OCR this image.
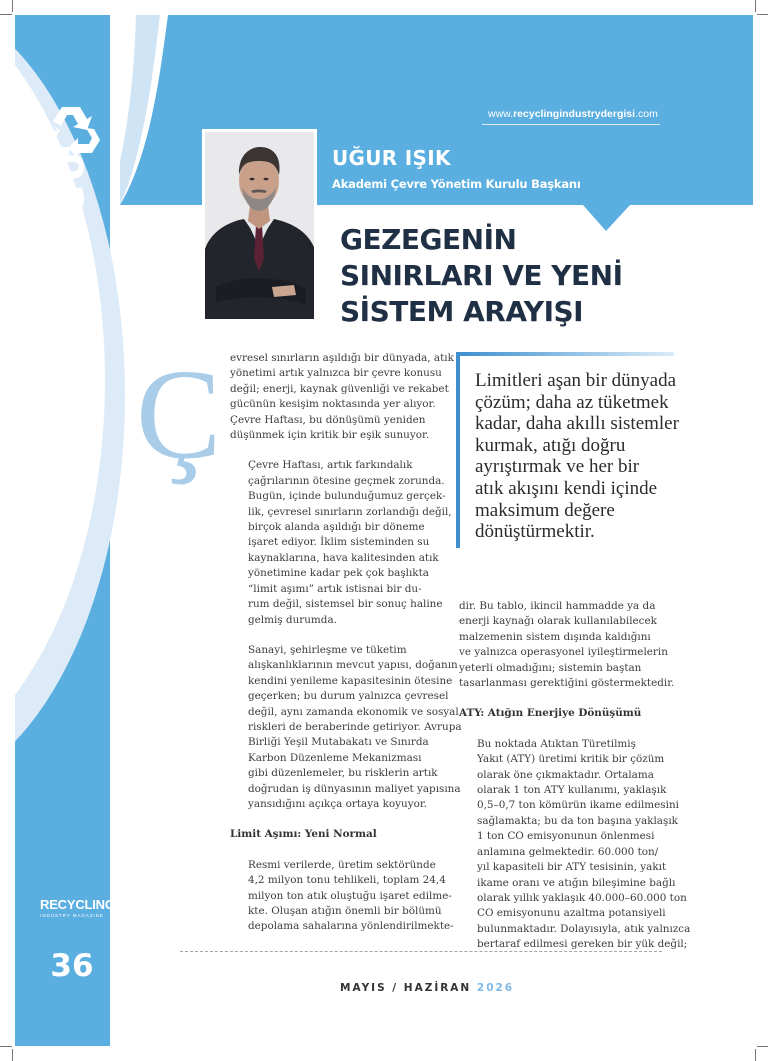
AYIN KONUĞU
RECYCLING
INDUSTRY MAGAZINE
36
www.recyclingindustrydergisi.com
UĞUR IŞIK
Akademi Çevre Yönetim Kurulu Başkanı
GEZEGENİN
SINIRLARI VE YENİ
SİSTEM ARAYIŞI
Ç evresel sınırların aşıldığı bir dünyada, atık
yönetimi artık yalnızca bir çevre konusu
değil; enerji, kaynak güvenliği ve rekabet
gücünün kesişim noktasında yer alıyor.
Çevre Haftası, bu dönüşümü yeniden
düşünmek için kritik bir eşik sunuyor.

Çevre Haftası, artık farkındalık
çağrılarının ötesine geçmek zorunda.
Bugün, içinde bulunduğumuz gerçek-
lik, çevresel sınırların zorlandığı değil,
birçok alanda aşıldığı bir döneme
işaret ediyor. İklim sisteminden su
kaynaklarına, hava kalitesinden atık
yönetimine kadar pek çok başlıkta
“limit aşımı” artık istisnai bir du-
rum değil, sistemsel bir sonuç haline
gelmiş durumda.

Sanayi, şehirleşme ve tüketim
alışkanlıklarının mevcut yapısı, doğanın
kendini yenileme kapasitesinin ötesine
geçerken; bu durum yalnızca çevresel
değil, aynı zamanda ekonomik ve sosyal
riskleri de beraberinde getiriyor. Avrupa
Birliği Yeşil Mutabakatı ve Sınırda
Karbon Düzenleme Mekanizması
gibi düzenlemeler, bu risklerin artık
doğrudan iş dünyasının maliyet yapısına
yansıdığını açıkça ortaya koyuyor.

Limit Aşımı: Yeni Normal

Resmi verilerde, üretim sektöründe
4,2 milyon tonu tehlikeli, toplam 24,4
milyon ton atık oluştuğu işaret edilme-
kte. Oluşan atığın önemli bir bölümü
depolama sahalarına yönlendirilmekte-

Limitleri aşan bir dünyada
çözüm; daha az tüketmek
kadar, daha akıllı sistemler
kurmak, atığı doğru
ayrıştırmak ve her bir
atık akışını kendi içinde
maksimum değere
dönüştürmektir.

dir. Bu tablo, ikincil hammadde ya da
enerji kaynağı olarak kullanılabilecek
malzemenin sistem dışında kaldığını
ve yalnızca operasyonel iyileştirmelerin
yeterli olmadığını; sistemin baştan
tasarlanması gerektiğini göstermektedir.

ATY: Atığın Enerjiye Dönüşümü

Bu noktada Atıktan Türetilmiş
Yakıt (ATY) üretimi kritik bir çözüm
olarak öne çıkmaktadır. Ortalama
olarak 1 ton ATY kullanımı, yaklaşık
0,5–0,7 ton kömürün ikame edilmesini
sağlamakta; bu da ton başına yaklaşık
1 ton CO emisyonunun önlenmesi
anlamına gelmektedir. 60.000 ton/
yıl kapasiteli bir ATY tesisinin, yakıt
ikame oranı ve atığın bileşimine bağlı
olarak yıllık yaklaşık 40.000–60.000 ton
CO emisyonunu azaltma potansiyeli
bulunmaktadır. Dolayısıyla, atık yalnızca
bertaraf edilmesi gereken bir yük değil;

MAYIS / HAZİRAN 2026
